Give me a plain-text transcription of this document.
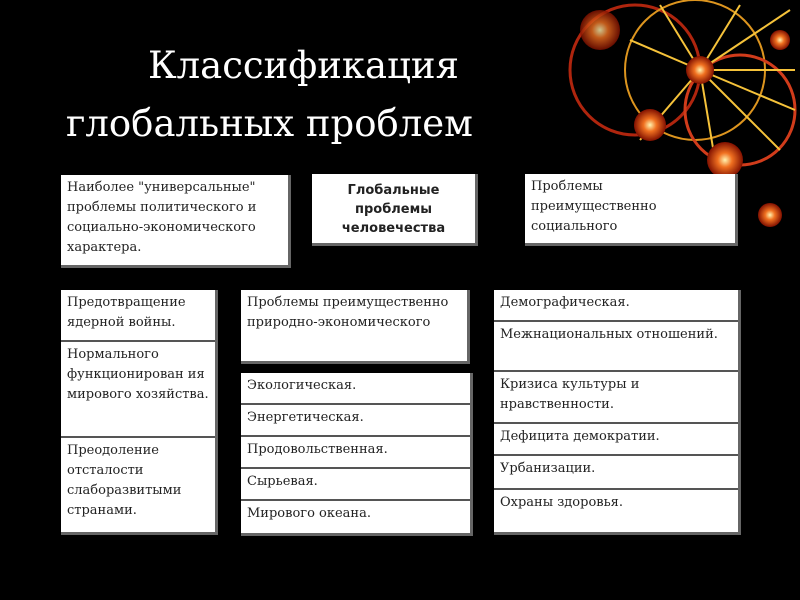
Классификация
глобальных проблем
Наиболее "универсальные" проблемы политического и социально-экономического характера.
Глобальные проблемы человечества
Проблемы преимущественно социального
Предотвращение ядерной войны.
Нормального функционирован ия мирового хозяйства.
Преодоление отсталости слаборазвитыми странами.
Проблемы преимущественно природно-экономического
Экологическая.
Энергетическая.
Продовольственная.
Сырьевая.
Мирового океана.
Демографическая.
Межнациональных отношений.
Кризиса культуры и нравственности.
Дефицита демократии.
Урбанизации.
Охраны здоровья.
